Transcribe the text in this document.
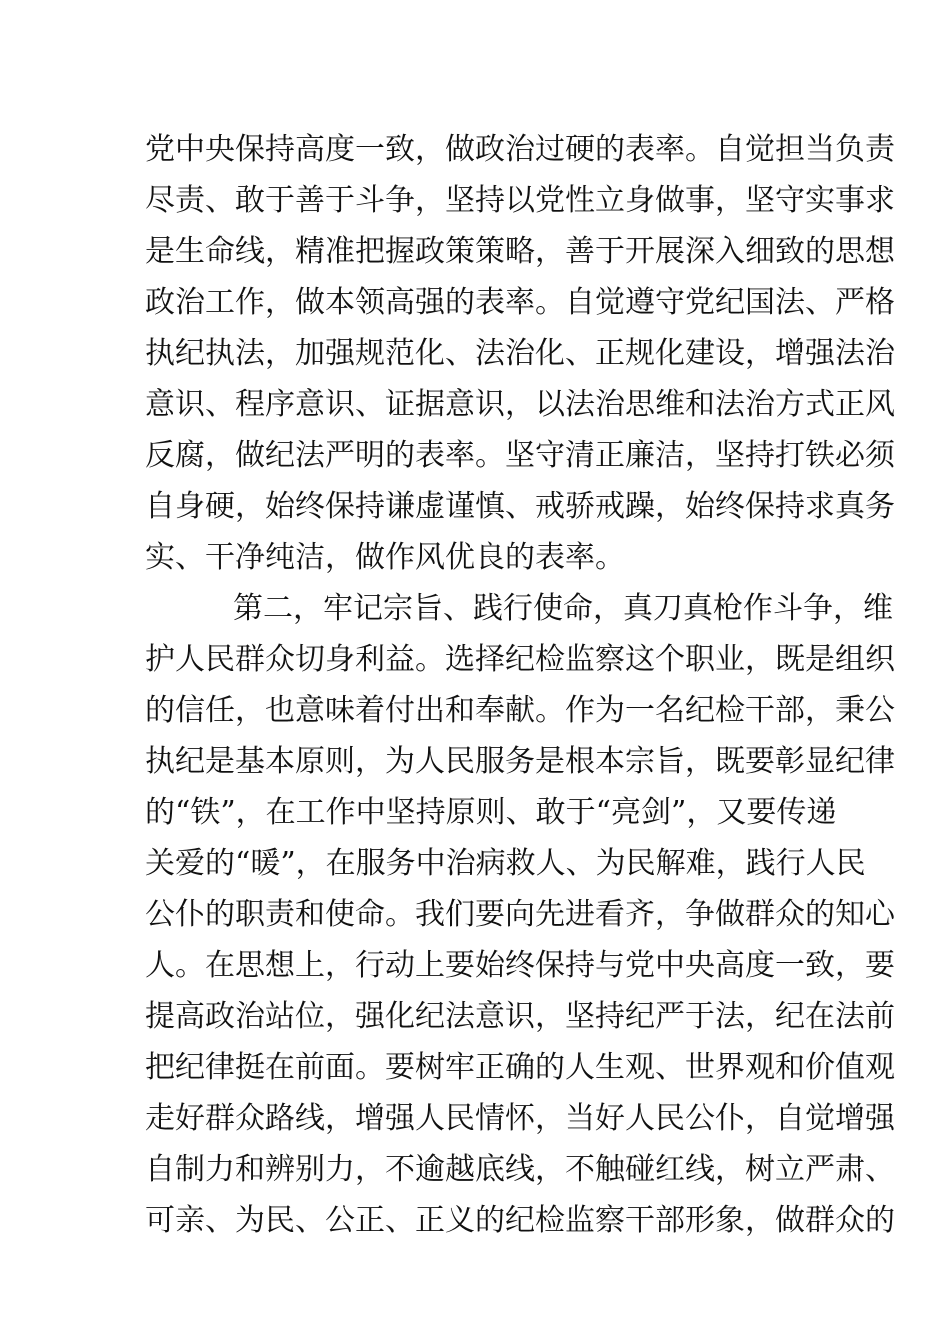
党中央保持高度一致，做政治过硬的表率。自觉担当负责
尽责、敢于善于斗争，坚持以党性立身做事，坚守实事求
是生命线，精准把握政策策略，善于开展深入细致的思想
政治工作，做本领高强的表率。自觉遵守党纪国法、严格
执纪执法，加强规范化、法治化、正规化建设，增强法治
意识、程序意识、证据意识，以法治思维和法治方式正风
反腐，做纪法严明的表率。坚守清正廉洁，坚持打铁必须
自身硬，始终保持谦虚谨慎、戒骄戒躁，始终保持求真务
实、干净纯洁，做作风优良的表率。
第二，牢记宗旨、践行使命，真刀真枪作斗争，维
护人民群众切身利益。选择纪检监察这个职业，既是组织
的信任，也意味着付出和奉献。作为一名纪检干部，秉公
执纪是基本原则，为人民服务是根本宗旨，既要彰显纪律
的“铁”，在工作中坚持原则、敢于“亮剑”，又要传递
关爱的“暖”，在服务中治病救人、为民解难，践行人民
公仆的职责和使命。我们要向先进看齐，争做群众的知心
人。在思想上，行动上要始终保持与党中央高度一致，要
提高政治站位，强化纪法意识，坚持纪严于法，纪在法前
把纪律挺在前面。要树牢正确的人生观、世界观和价值观
走好群众路线，增强人民情怀，当好人民公仆，自觉增强
自制力和辨别力，不逾越底线，不触碰红线，树立严肃、
可亲、为民、公正、正义的纪检监察干部形象，做群众的
